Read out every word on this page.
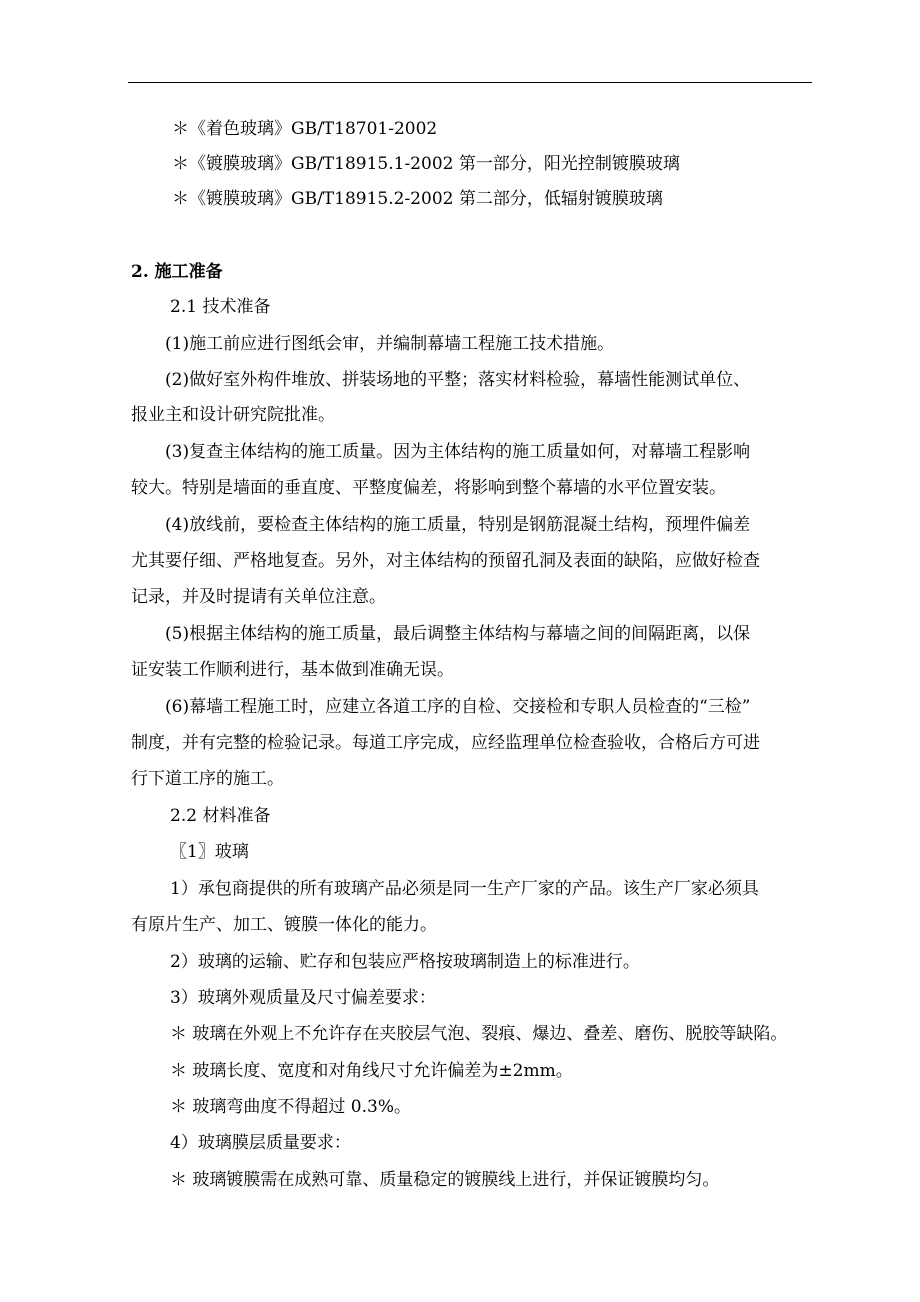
＊《着色玻璃》GB/T18701-2002
＊《镀膜玻璃》GB/T18915.1-2002 第一部分，阳光控制镀膜玻璃
＊《镀膜玻璃》GB/T18915.2-2002 第二部分，低辐射镀膜玻璃
2. 施工准备
2.1 技术准备
(1)施工前应进行图纸会审，并编制幕墙工程施工技术措施。
(2)做好室外构件堆放、拼装场地的平整；落实材料检验，幕墙性能测试单位、
报业主和设计研究院批准。
(3)复查主体结构的施工质量。因为主体结构的施工质量如何，对幕墙工程影响
较大。特别是墙面的垂直度、平整度偏差，将影响到整个幕墙的水平位置安装。
(4)放线前，要检查主体结构的施工质量，特别是钢筋混凝土结构，预埋件偏差
尤其要仔细、严格地复查。另外，对主体结构的预留孔洞及表面的缺陷，应做好检查
记录，并及时提请有关单位注意。
(5)根据主体结构的施工质量，最后调整主体结构与幕墙之间的间隔距离，以保
证安装工作顺利进行，基本做到准确无误。
(6)幕墙工程施工时，应建立各道工序的自检、交接检和专职人员检查的“三检”
制度，并有完整的检验记录。每道工序完成，应经监理单位检查验收，合格后方可进
行下道工序的施工。
2.2 材料准备
〖1〗玻璃
1）承包商提供的所有玻璃产品必须是同一生产厂家的产品。该生产厂家必须具
有原片生产、加工、镀膜一体化的能力。
2）玻璃的运输、贮存和包装应严格按玻璃制造上的标准进行。
3）玻璃外观质量及尺寸偏差要求：
＊ 玻璃在外观上不允许存在夹胶层气泡、裂痕、爆边、叠差、磨伤、脱胶等缺陷。
＊ 玻璃长度、宽度和对角线尺寸允许偏差为±2mm。
＊ 玻璃弯曲度不得超过 0.3%。
4）玻璃膜层质量要求：
＊ 玻璃镀膜需在成熟可靠、质量稳定的镀膜线上进行，并保证镀膜均匀。
